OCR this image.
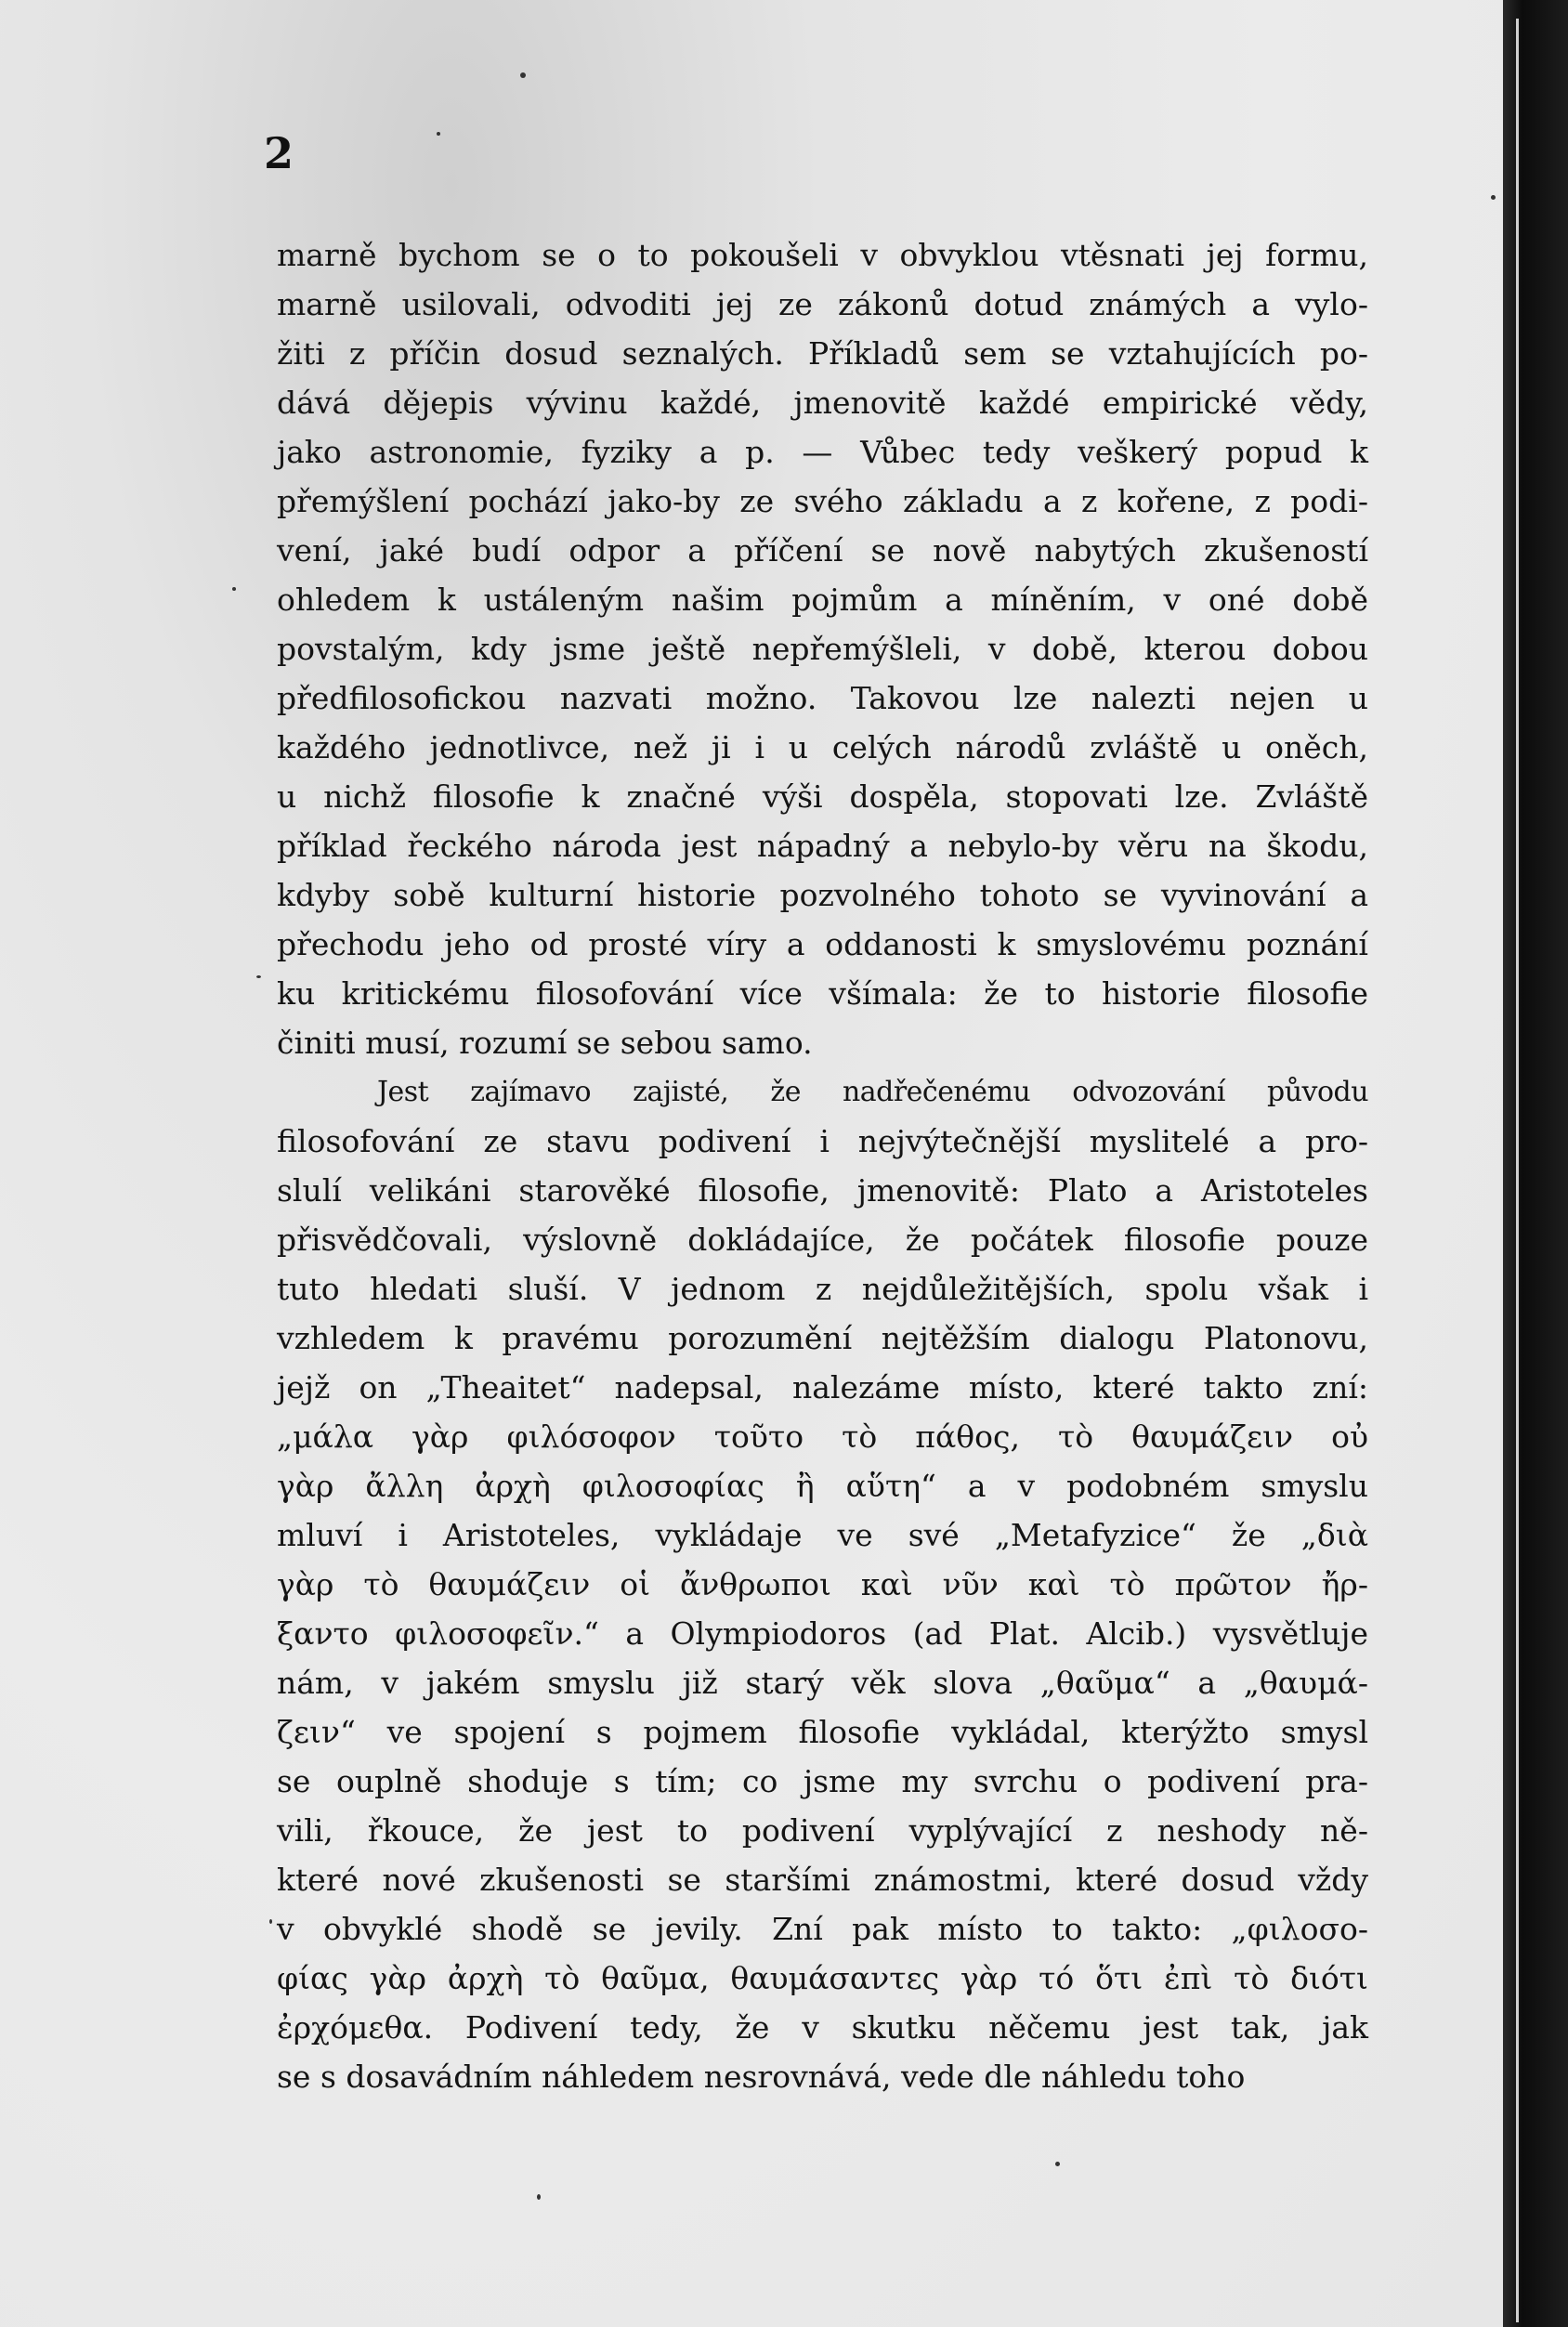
2

marně bychom se o to pokoušeli v obvyklou vtěsnati jej formu,
marně usilovali, odvoditi jej ze zákonů dotud známých a vylo-
žiti z příčin dosud seznalých. Příkladů sem se vztahujících po-
dává dějepis vývinu každé, jmenovitě každé empirické vědy,
jako astronomie, fyziky a p. — Vůbec tedy veškerý popud k
přemýšlení pochází jako-by ze svého základu a z kořene, z podi-
vení, jaké budí odpor a příčení se nově nabytých zkušeností
ohledem k ustáleným našim pojmům a míněním, v oné době
povstalým, kdy jsme ještě nepřemýšleli, v době, kterou dobou
předfilosofickou nazvati možno. Takovou lze nalezti nejen u
každého jednotlivce, než ji i u celých národů zvláště u oněch,
u nichž filosofie k značné výši dospěla, stopovati lze. Zvláště
příklad řeckého národa jest nápadný a nebylo-by věru na škodu,
kdyby sobě kulturní historie pozvolného tohoto se vyvinování a
přechodu jeho od prosté víry a oddanosti k smyslovému poznání
ku kritickému filosofování více všímala: že to historie filosofie
činiti musí, rozumí se sebou samo.

Jest zajímavo zajisté, že nadřečenému odvozování původu
filosofování ze stavu podivení i nejvýtečnější myslitelé a pro-
slulí velikáni starověké filosofie, jmenovitě: Plato a Aristoteles
přisvědčovali, výslovně dokládajíce, že počátek filosofie pouze
tuto hledati sluší. V jednom z nejdůležitějších, spolu však i
vzhledem k pravému porozumění nejtěžším dialogu Platonovu,
jejž on „Theaitet“ nadepsal, nalezáme místo, které takto zní:
„μάλα γὰρ φιλόσοφον τοῦτο τὸ πάθος, τὸ θαυμάζειν οὐ
γὰρ ἄλλη ἀρχὴ φιλοσοφίας ἢ αὕτη“ a v podobném smyslu
mluví i Aristoteles, vykládaje ve své „Metafyzice“ že „διὰ
γὰρ τὸ θαυμάζειν οἱ ἄνθρωποι καὶ νῦν καὶ τὸ πρῶτον ἤρ-
ξαντο φιλοσοφεῖν.“ a Olympiodoros (ad Plat. Alcib.) vysvětluje
nám, v jakém smyslu již starý věk slova „θαῦμα“ a „θαυμά-
ζειν“ ve spojení s pojmem filosofie vykládal, kterýžto smysl
se ouplně shoduje s tím; co jsme my svrchu o podivení pra-
vili, řkouce, že jest to podivení vyplývající z neshody ně-
které nové zkušenosti se staršími známostmi, které dosud vždy
v obvyklé shodě se jevily. Zní pak místo to takto: „φιλοσο-
φίας γὰρ ἀρχὴ τὸ θαῦμα, θαυμάσαντες γὰρ τό ὅτι ἐπὶ τὸ διότι
ἐρχόμεθα. Podivení tedy, že v skutku něčemu jest tak, jak
se s dosavádním náhledem nesrovnává, vede dle náhledu toho
